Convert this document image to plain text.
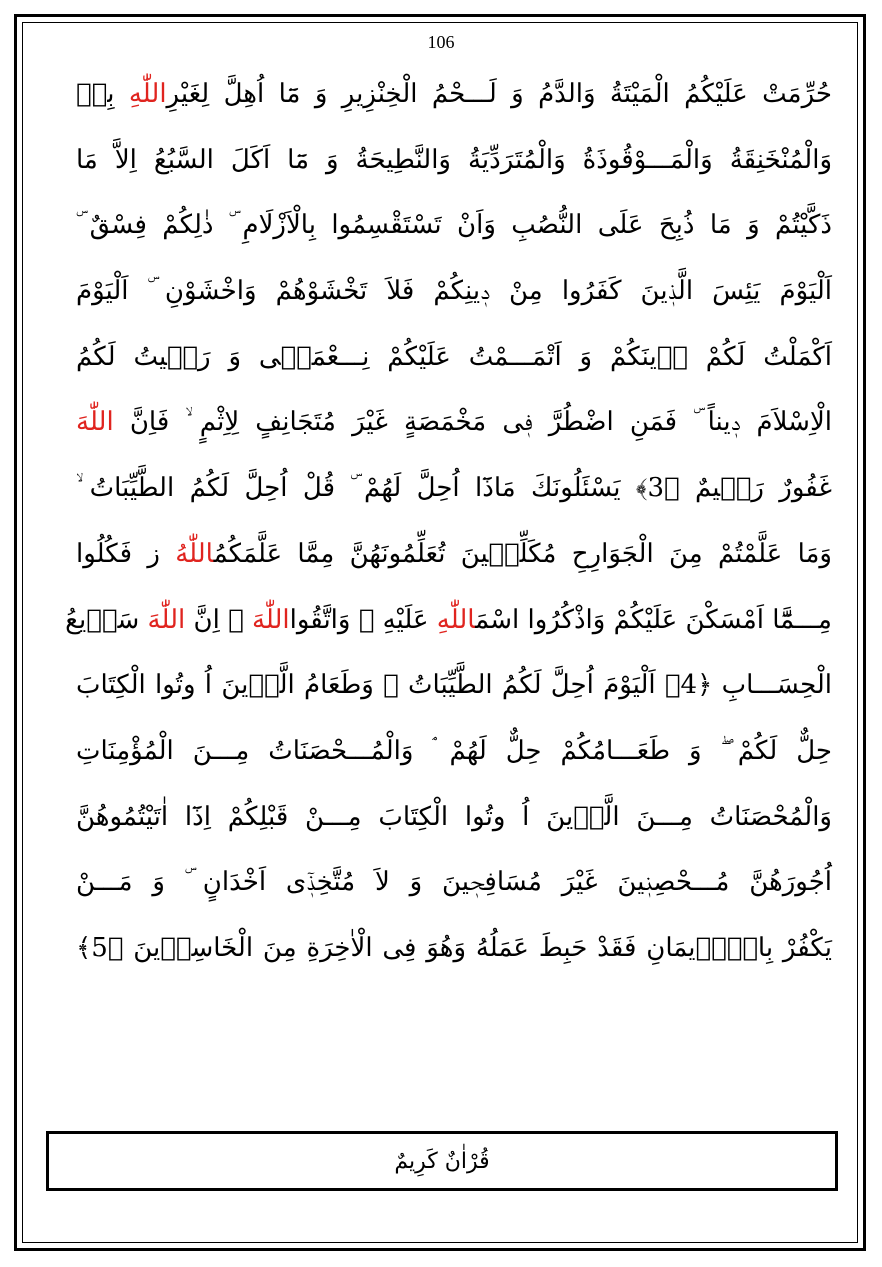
106
حُرِّمَتْ عَلَيْكُمُ الْمَيْتَةُ وَالدَّمُ وَ لَـــحْمُ الْخِنْزِيرِ وَ مَٓا اُهِلَّ لِغَيْرِاللّٰهِ بِهٖ
وَالْمُنْخَنِقَةُ وَالْمَـــوْقُوذَةُ وَالْمُتَرَدِّيَةُ وَالنَّطِيحَةُ وَ مَٓا اَكَلَ السَّبُعُ اِلاَّ مَا
ذَكَّيْتُمْ وَ مَا ذُبِحَ عَلَى النُّصُبِ وَاَنْ تَسْتَقْسِمُوا بِالْاَزْلَامِ ۜ ذٰلِكُمْ فِسْقٌ ۜ
اَلْيَوْمَ يَئِسَ الَّذٖينَ كَفَرُوا مِنْ دٖينِكُمْ فَلاَ تَخْشَوْهُمْ وَاخْشَوْنِ ۜ اَلْيَوْمَ
اَكْمَلْتُ لَكُمْ دٖينَكُمْ وَ اَتْمَـــمْتُ عَلَيْكُمْ نِـــعْمَتٖى وَ رَضٖيتُ لَكُمُ
الْاِسْلاَمَ دٖيناً ۜ فَمَنِ اضْطُرَّ فٖى مَخْمَصَةٍ غَيْرَ مُتَجَانِفٍ لِاِثْمٍ ۙ فَاِنَّ اللّٰهَ
غَفُورٌ رَحٖيمٌ ﴿3﴾ يَسْئَلُونَكَ مَاذَٓا اُحِلَّ لَهُمْ ۜ قُلْ اُحِلَّ لَكُمُ الطَّيِّبَاتُ ۙ
وَمَا عَلَّمْتُمْ مِنَ الْجَوَارِحِ مُكَلِّبٖينَ تُعَلِّمُونَهُنَّ مِمَّا عَلَّمَكُمُاللّٰهُ ز فَكُلُوا
مِـــمَّٓا اَمْسَكْنَ عَلَيْكُمْ وَاذْكُرُوا اسْمَاللّٰهِ عَلَيْهِ ۖ وَاتَّقُوااللّٰهَ ۜ اِنَّ اللّٰهَ سَرٖيعُ
الْحِسَـــابِ ﴿4﴾ اَلْيَوْمَ اُحِلَّ لَكُمُ الطَّيِّبَاتُ ۜ وَطَعَامُ الَّذٖينَ اُ وتُوا الْكِتَابَ
حِلٌّ لَكُمْ ۖ وَ طَعَـــامُكُمْ حِلٌّ لَهُمْ ۘ وَالْمُـــحْصَنَاتُ مِـــنَ الْمُؤْمِنَاتِ
وَالْمُحْصَنَاتُ مِـــنَ الَّذٖينَ اُ وتُوا الْكِتَابَ مِـــنْ قَبْلِكُمْ اِذَٓا اٰتَيْتُمُوهُنَّ
اُجُورَهُنَّ مُـــحْصِنٖينَ غَيْرَ مُسَافِحٖينَ وَ لاَ مُتَّخِذٖٓى اَخْدَانٍ ۜ وَ مَـــنْ
يَكْفُرْ بِالْاٖيمَانِ فَقَدْ حَبِطَ عَمَلُهُ وَهُوَ فِى الْاٰخِرَةِ مِنَ الْخَاسِرٖينَ ﴿5﴾
قُرْاٰنٌ كَرِيمٌ
